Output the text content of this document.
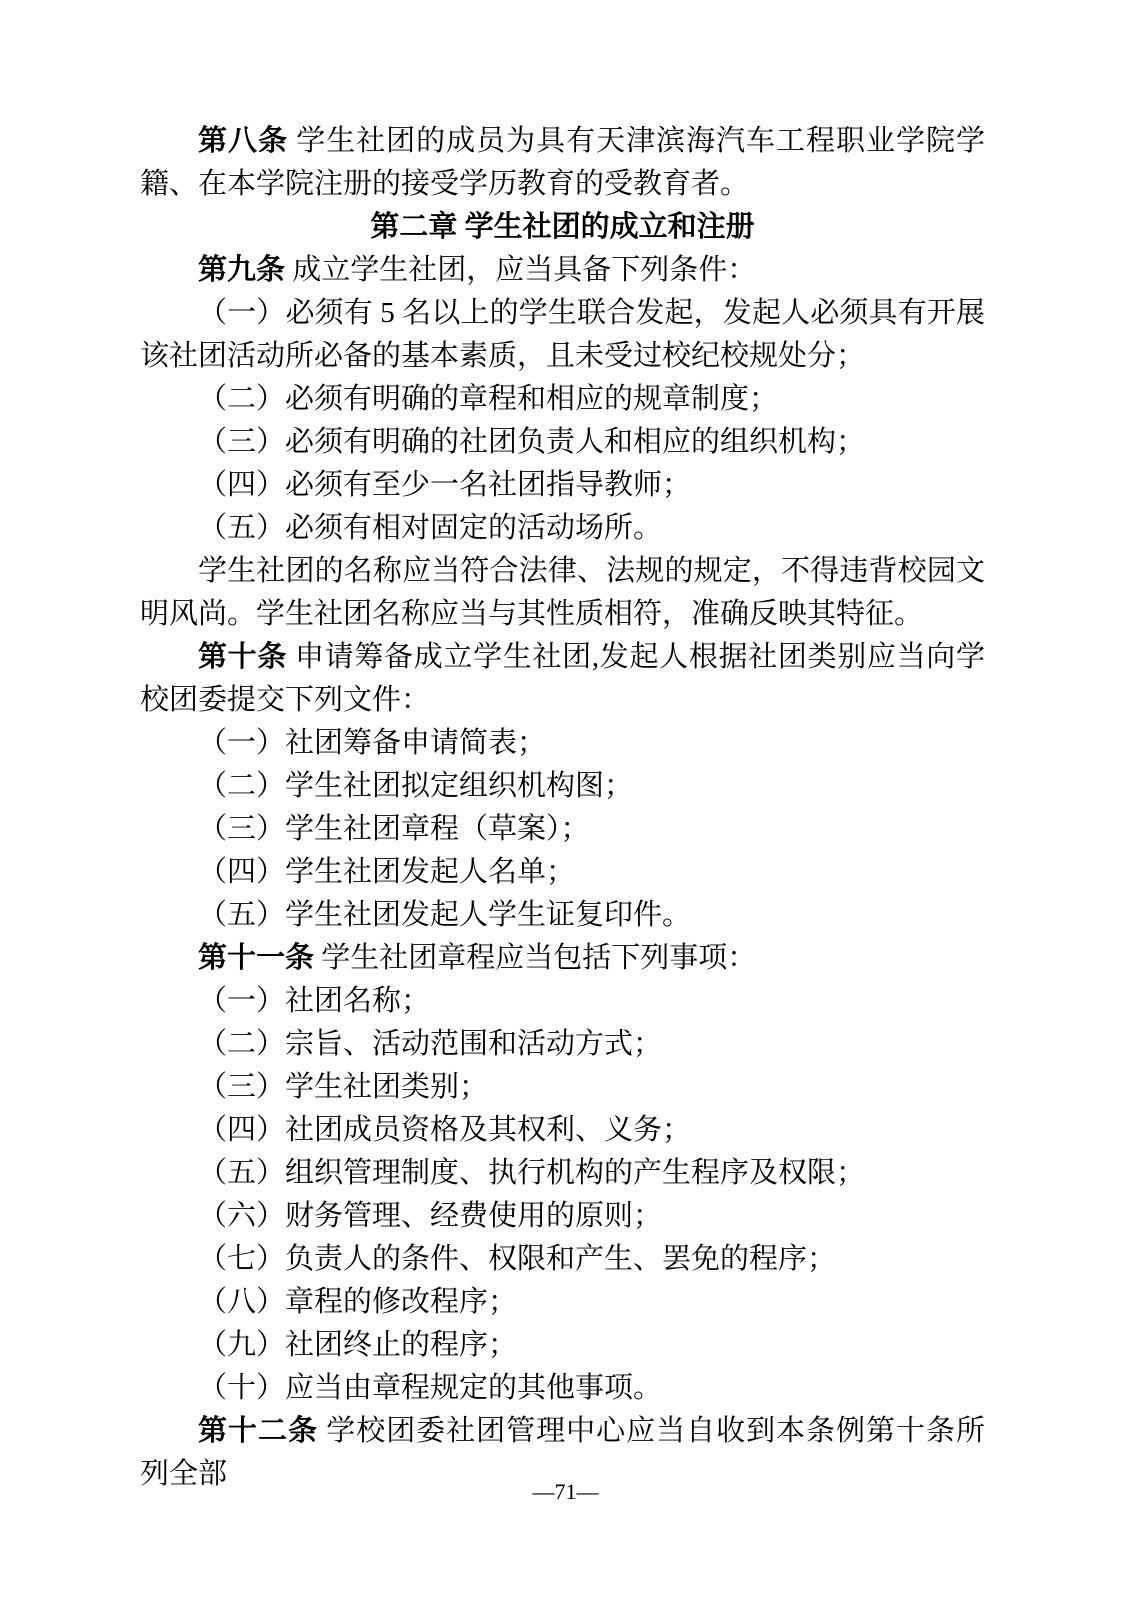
第八条 学生社团的成员为具有天津滨海汽车工程职业学院学籍、在本学院注册的接受学历教育的受教育者。

第二章 学生社团的成立和注册

第九条 成立学生社团，应当具备下列条件：

（一）必须有 5 名以上的学生联合发起，发起人必须具有开展该社团活动所必备的基本素质，且未受过校纪校规处分；

（二）必须有明确的章程和相应的规章制度；

（三）必须有明确的社团负责人和相应的组织机构；

（四）必须有至少一名社团指导教师；

（五）必须有相对固定的活动场所。

学生社团的名称应当符合法律、法规的规定，不得违背校园文明风尚。学生社团名称应当与其性质相符，准确反映其特征。

第十条 申请筹备成立学生社团,发起人根据社团类别应当向学校团委提交下列文件：

（一）社团筹备申请简表；

（二）学生社团拟定组织机构图；

（三）学生社团章程（草案）；

（四）学生社团发起人名单；

（五）学生社团发起人学生证复印件。

第十一条 学生社团章程应当包括下列事项：

（一）社团名称；

（二）宗旨、活动范围和活动方式；

（三）学生社团类别；

（四）社团成员资格及其权利、义务；

（五）组织管理制度、执行机构的产生程序及权限；

（六）财务管理、经费使用的原则；

（七）负责人的条件、权限和产生、罢免的程序；

（八）章程的修改程序；

（九）社团终止的程序；

（十）应当由章程规定的其他事项。

第十二条 学校团委社团管理中心应当自收到本条例第十条所列全部

—71—
